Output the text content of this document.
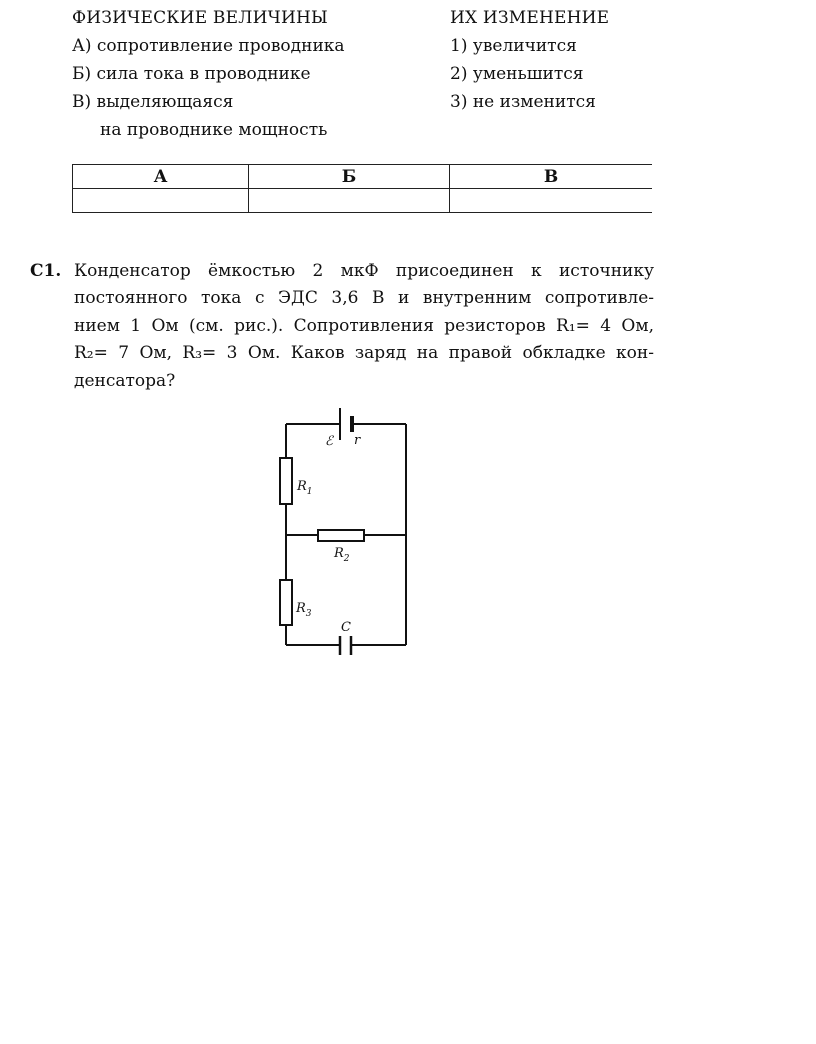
ФИЗИЧЕСКИЕ ВЕЛИЧИНЫ	ИХ ИЗМЕНЕНИЕ
А) сопротивление проводника
Б) сила тока в проводнике
В) выделяющаяся
на проводнике мощность
1) увеличится
2) уменьшится
3) не изменится
А	Б	В

С1. Конденсатор ёмкостью 2 мкФ присоединен к источнику
постоянного тока с ЭДС 3,6 В и внутренним сопротивле-
нием 1 Ом (см. рис.). Сопротивления резисторов R₁= 4 Ом,
R₂= 7 Ом, R₃= 3 Ом. Каков заряд на правой обкладке кон-
денсатора?
ℰ r
$R_1$
$R_2$
$R_3$
C
